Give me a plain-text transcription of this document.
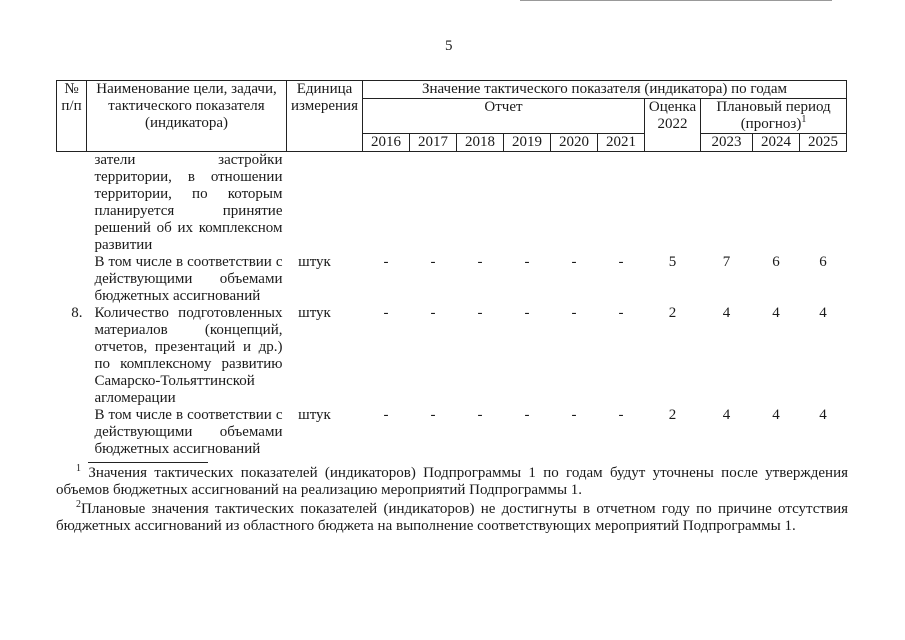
5
№ п/п	Наименование цели, задачи, тактического показателя (индикатора)	Единица измерения	Значение тактического показателя (индикатора) по годам									
			Отчет						Оценка 2022	Плановый период (прогноз)$^1$
			2016	2017	2018	2019	2020	2021		2023	2024	2025
	затели застройки территории, в отношении территории, по которым планируется принятие решений об их комплексном развитии											
	В том числе в соответствии с действующими объемами бюджетных ассигнований	штук	-	-	-	-	-	-	5	7	6	6
8.	Количество подготовленных материалов (концепций, отчетов, презентаций и др.) по комплексному развитию Самарско-Тольяттинской агломерации	штук	-	-	-	-	-	-	2	4	4	4
	В том числе в соответствии с действующими объемами бюджетных ассигнований	штук	-	-	-	-	-	-	2	4	4	4

$^1$ Значения тактических показателей (индикаторов) Подпрограммы 1 по годам будут уточнены после утверждения объемов бюджетных ассигнований на реализацию мероприятий Подпрограммы 1.

$^2$Плановые значения тактических показателей (индикаторов) не достигнуты в отчетном году по причине отсутствия бюджетных ассигнований из областного бюджета на выполнение соответствующих мероприятий Подпрограммы 1.
